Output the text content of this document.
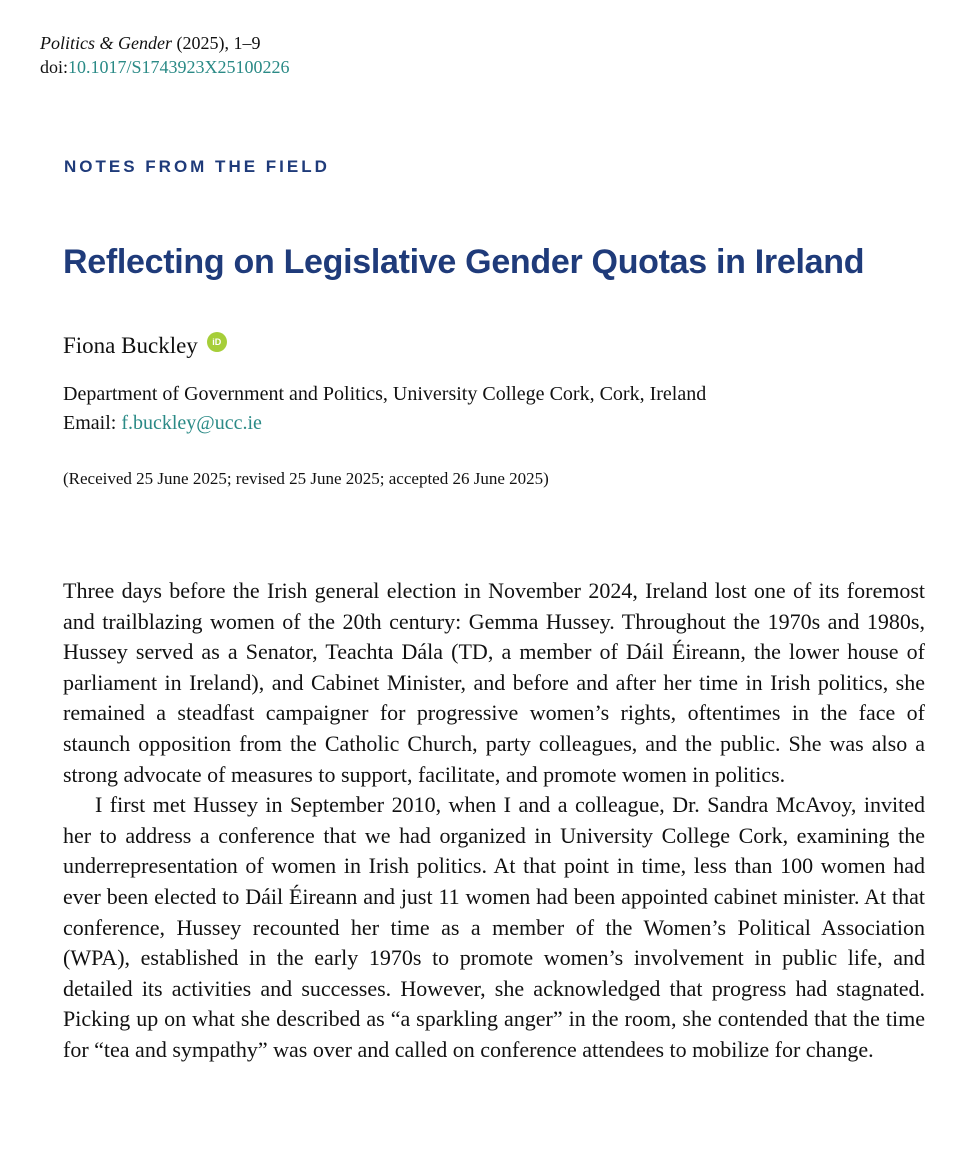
Politics & Gender (2025), 1–9
doi:10.1017/S1743923X25100226
NOTES FROM THE FIELD
Reflecting on Legislative Gender Quotas in Ireland
Fiona Buckley	iD
Department of Government and Politics, University College Cork, Cork, Ireland
Email: f.buckley@ucc.ie
(Received 25 June 2025; revised 25 June 2025; accepted 26 June 2025)

Three days before the Irish general election in November 2024, Ireland lost one of its foremost and trailblazing women of the 20th century: Gemma Hussey. Throughout the 1970s and 1980s, Hussey served as a Senator, Teachta Dála (TD, a member of Dáil Éireann, the lower house of parliament in Ireland), and Cabinet Minister, and before and after her time in Irish politics, she remained a steadfast campaigner for progressive women’s rights, oftentimes in the face of staunch opposition from the Catholic Church, party colleagues, and the public. She was also a strong advocate of measures to support, facilitate, and promote women in politics.

I first met Hussey in September 2010, when I and a colleague, Dr. Sandra McAvoy, invited her to address a conference that we had organized in University College Cork, examining the underrepresentation of women in Irish politics. At that point in time, less than 100 women had ever been elected to Dáil Éireann and just 11 women had been appointed cabinet minister. At that conference, Hussey recounted her time as a member of the Women’s Political Association (WPA), established in the early 1970s to promote women’s involvement in public life, and detailed its activities and successes. However, she acknowledged that progress had stagnated. Picking up on what she described as “a sparkling anger” in the room, she contended that the time for “tea and sympathy” was over and called on conference attendees to mobilize for change.
